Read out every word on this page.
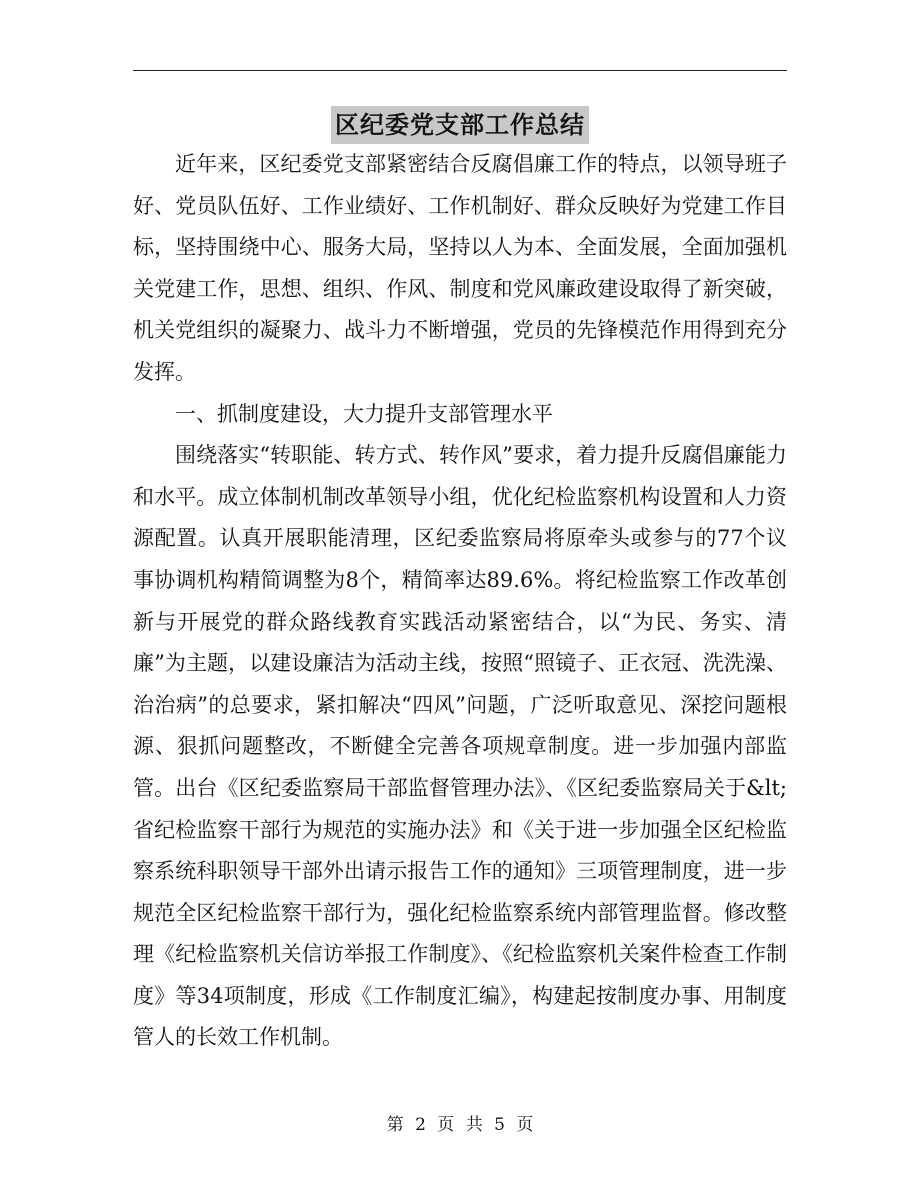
区纪委党支部工作总结

近年来，区纪委党支部紧密结合反腐倡廉工作的特点，以领导班子好、党员队伍好、工作业绩好、工作机制好、群众反映好为党建工作目标，坚持围绕中心、服务大局，坚持以人为本、全面发展，全面加强机关党建工作，思想、组织、作风、制度和党风廉政建设取得了新突破，机关党组织的凝聚力、战斗力不断增强，党员的先锋模范作用得到充分发挥。

一、抓制度建设，大力提升支部管理水平

围绕落实“转职能、转方式、转作风”要求，着力提升反腐倡廉能力和水平。成立体制机制改革领导小组，优化纪检监察机构设置和人力资源配置。认真开展职能清理，区纪委监察局将原牵头或参与的77个议事协调机构精简调整为8个，精简率达89.6%。将纪检监察工作改革创新与开展党的群众路线教育实践活动紧密结合，以“为民、务实、清廉”为主题，以建设廉洁为活动主线，按照“照镜子、正衣冠、洗洗澡、治治病”的总要求，紧扣解决“四风”问题，广泛听取意见、深挖问题根源、狠抓问题整改，不断健全完善各项规章制度。进一步加强内部监管。出台《区纪委监察局干部监督管理办法》、《区纪委监察局关于&lt;省纪检监察干部行为规范的实施办法》和《关于进一步加强全区纪检监察系统科职领导干部外出请示报告工作的通知》三项管理制度，进一步规范全区纪检监察干部行为，强化纪检监察系统内部管理监督。修改整理《纪检监察机关信访举报工作制度》、《纪检监察机关案件检查工作制度》等34项制度，形成《工作制度汇编》，构建起按制度办事、用制度管人的长效工作机制。

第 2 页 共 5 页
